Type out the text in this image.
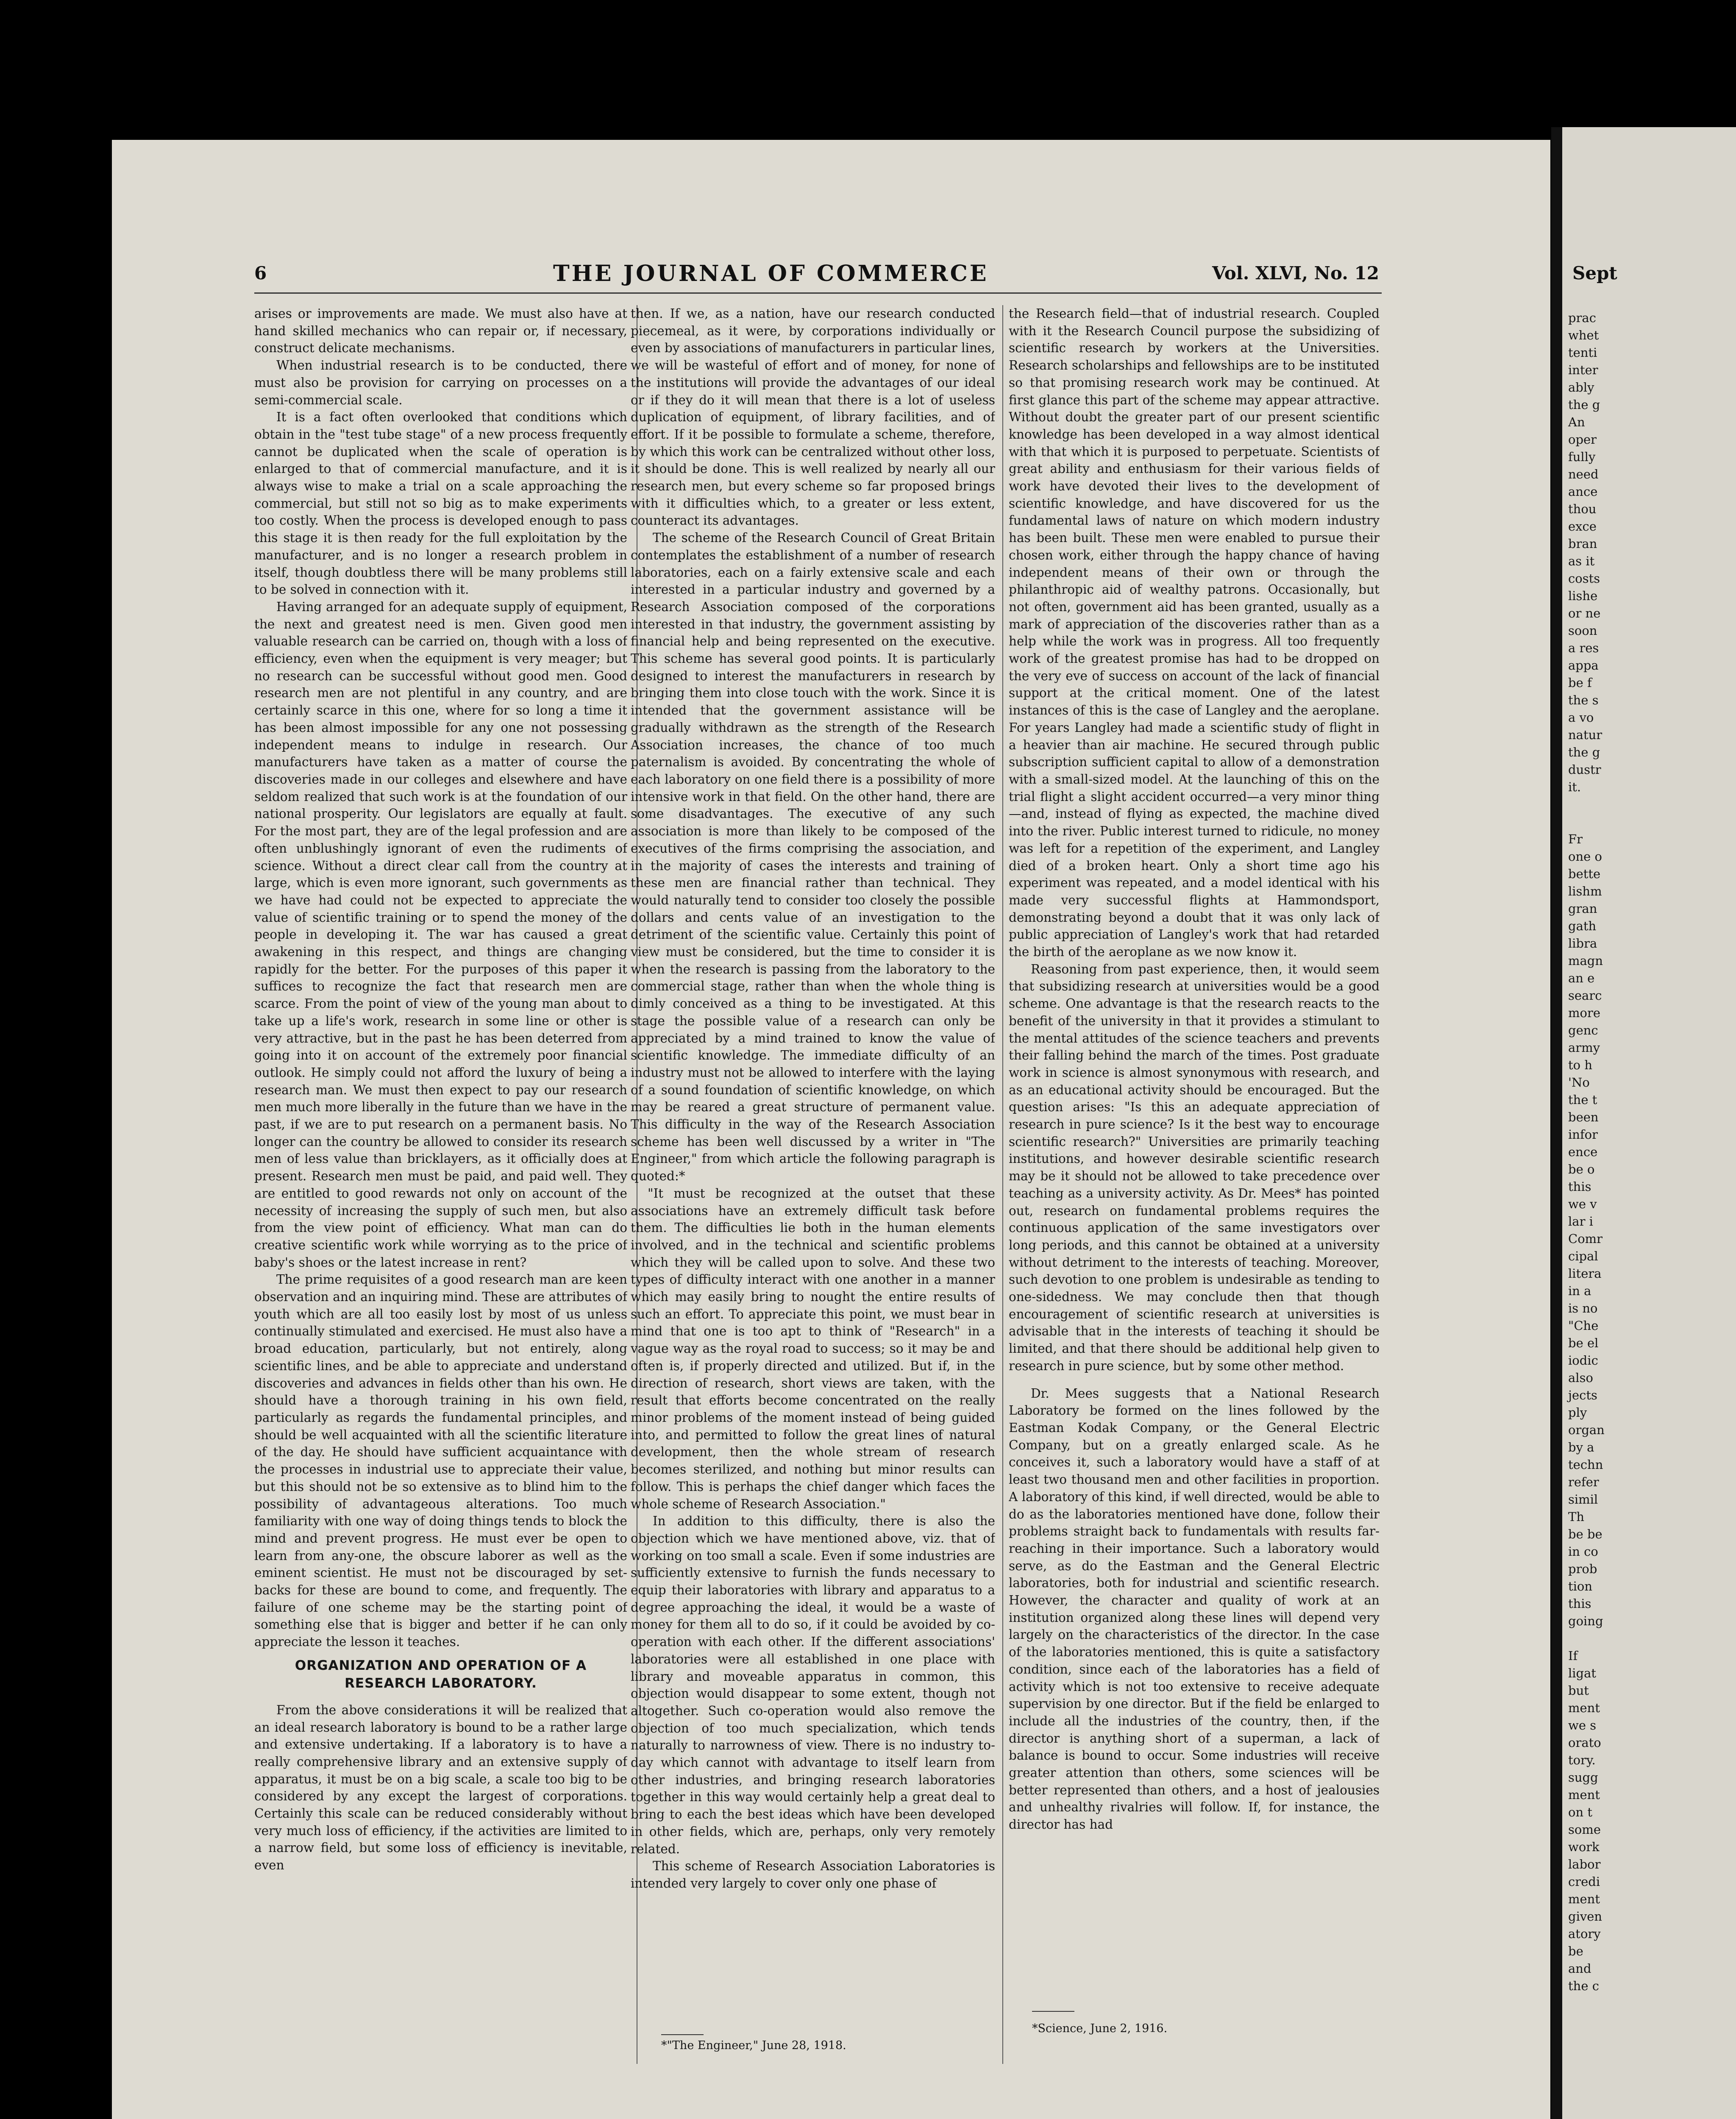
6	THE JOURNAL OF COMMERCE	Vol. XLVI, No. 12	Sept

arises or improvements are made. We must also have at hand skilled mechanics who can repair or, if necessary, construct delicate mechanisms.

When industrial research is to be conducted, there must also be provision for carrying on processes on a semi-commercial scale.

It is a fact often overlooked that conditions which obtain in the "test tube stage" of a new process frequently cannot be duplicated when the scale of operation is enlarged to that of commercial manufacture, and it is always wise to make a trial on a scale approaching the commercial, but still not so big as to make experiments too costly. When the process is developed enough to pass this stage it is then ready for the full exploitation by the manufacturer, and is no longer a research problem in itself, though doubtless there will be many problems still to be solved in connection with it.

Having arranged for an adequate supply of equipment, the next and greatest need is men. Given good men valuable research can be carried on, though with a loss of efficiency, even when the equipment is very meager; but no research can be successful without good men. Good research men are not plentiful in any country, and are certainly scarce in this one, where for so long a time it has been almost impossible for any one not possessing independent means to indulge in research. Our manufacturers have taken as a matter of course the discoveries made in our colleges and elsewhere and have seldom realized that such work is at the foundation of our national prosperity. Our legislators are equally at fault. For the most part, they are of the legal profession and are often unblushingly ignorant of even the rudiments of science. Without a direct clear call from the country at large, which is even more ignorant, such governments as we have had could not be expected to appreciate the value of scientific training or to spend the money of the people in developing it. The war has caused a great awakening in this respect, and things are changing rapidly for the better. For the purposes of this paper it suffices to recognize the fact that research men are scarce. From the point of view of the young man about to take up a life's work, research in some line or other is very attractive, but in the past he has been deterred from going into it on account of the extremely poor financial outlook. He simply could not afford the luxury of being a research man. We must then expect to pay our research men much more liberally in the future than we have in the past, if we are to put research on a permanent basis. No longer can the country be allowed to consider its research men of less value than bricklayers, as it officially does at present. Research men must be paid, and paid well. They are entitled to good rewards not only on account of the necessity of increasing the supply of such men, but also from the view point of efficiency. What man can do creative scientific work while worrying as to the price of baby's shoes or the latest increase in rent?

The prime requisites of a good research man are keen observation and an inquiring mind. These are attributes of youth which are all too easily lost by most of us unless continually stimulated and exercised. He must also have a broad education, particularly, but not entirely, along scientific lines, and be able to appreciate and understand discoveries and advances in fields other than his own. He should have a thorough training in his own field, particularly as regards the fundamental principles, and should be well acquainted with all the scientific literature of the day. He should have sufficient acquaintance with the processes in industrial use to appreciate their value, but this should not be so extensive as to blind him to the possibility of advantageous alterations. Too much familiarity with one way of doing things tends to block the mind and prevent progress. He must ever be open to learn from any-one, the obscure laborer as well as the eminent scientist. He must not be discouraged by set-backs for these are bound to come, and frequently. The failure of one scheme may be the starting point of something else that is bigger and better if he can only appreciate the lesson it teaches.

ORGANIZATION AND OPERATION OF A RESEARCH LABORATORY.

From the above considerations it will be realized that an ideal research laboratory is bound to be a rather large and extensive undertaking. If a laboratory is to have a really comprehensive library and an extensive supply of apparatus, it must be on a big scale, a scale too big to be considered by any except the largest of corporations. Certainly this scale can be reduced considerably without very much loss of efficiency, if the activities are limited to a narrow field, but some loss of efficiency is inevitable, even

then. If we, as a nation, have our research conducted piecemeal, as it were, by corporations individually or even by associations of manufacturers in particular lines, we will be wasteful of effort and of money, for none of the institutions will provide the advantages of our ideal or if they do it will mean that there is a lot of useless duplication of equipment, of library facilities, and of effort. If it be possible to formulate a scheme, therefore, by which this work can be centralized without other loss, it should be done. This is well realized by nearly all our research men, but every scheme so far proposed brings with it difficulties which, to a greater or less extent, counteract its advantages.

The scheme of the Research Council of Great Britain contemplates the establishment of a number of research laboratories, each on a fairly extensive scale and each interested in a particular industry and governed by a Research Association composed of the corporations interested in that industry, the government assisting by financial help and being represented on the executive. This scheme has several good points. It is particularly designed to interest the manufacturers in research by bringing them into close touch with the work. Since it is intended that the government assistance will be gradually withdrawn as the strength of the Research Association increases, the chance of too much paternalism is avoided. By concentrating the whole of each laboratory on one field there is a possibility of more intensive work in that field. On the other hand, there are some disadvantages. The executive of any such association is more than likely to be composed of the executives of the firms comprising the association, and in the majority of cases the interests and training of these men are financial rather than technical. They would naturally tend to consider too closely the possible dollars and cents value of an investigation to the detriment of the scientific value. Certainly this point of view must be considered, but the time to consider it is when the research is passing from the laboratory to the commercial stage, rather than when the whole thing is dimly conceived as a thing to be investigated. At this stage the possible value of a research can only be appreciated by a mind trained to know the value of scientific knowledge. The immediate difficulty of an industry must not be allowed to interfere with the laying of a sound foundation of scientific knowledge, on which may be reared a great structure of permanent value. This difficulty in the way of the Research Association scheme has been well discussed by a writer in "The Engineer," from which article the following paragraph is quoted:*

"It must be recognized at the outset that these associations have an extremely difficult task before them. The difficulties lie both in the human elements involved, and in the technical and scientific problems which they will be called upon to solve. And these two types of difficulty interact with one another in a manner which may easily bring to nought the entire results of such an effort. To appreciate this point, we must bear in mind that one is too apt to think of "Research" in a vague way as the royal road to success; so it may be and often is, if properly directed and utilized. But if, in the direction of research, short views are taken, with the result that efforts become concentrated on the really minor problems of the moment instead of being guided into, and permitted to follow the great lines of natural development, then the whole stream of research becomes sterilized, and nothing but minor results can follow. This is perhaps the chief danger which faces the whole scheme of Research Association."

In addition to this difficulty, there is also the objection which we have mentioned above, viz. that of working on too small a scale. Even if some industries are sufficiently extensive to furnish the funds necessary to equip their laboratories with library and apparatus to a degree approaching the ideal, it would be a waste of money for them all to do so, if it could be avoided by co-operation with each other. If the different associations' laboratories were all established in one place with library and moveable apparatus in common, this objection would disappear to some extent, though not altogether. Such co-operation would also remove the objection of too much specialization, which tends naturally to narrowness of view. There is no industry to-day which cannot with advantage to itself learn from other industries, and bringing research laboratories together in this way would certainly help a great deal to bring to each the best ideas which have been developed in other fields, which are, perhaps, only very remotely related.

This scheme of Research Association Laboratories is intended very largely to cover only one phase of

*"The Engineer," June 28, 1918.

the Research field—that of industrial research. Coupled with it the Research Council purpose the subsidizing of scientific research by workers at the Universities. Research scholarships and fellowships are to be instituted so that promising research work may be continued. At first glance this part of the scheme may appear attractive. Without doubt the greater part of our present scientific knowledge has been developed in a way almost identical with that which it is purposed to perpetuate. Scientists of great ability and enthusiasm for their various fields of work have devoted their lives to the development of scientific knowledge, and have discovered for us the fundamental laws of nature on which modern industry has been built. These men were enabled to pursue their chosen work, either through the happy chance of having independent means of their own or through the philanthropic aid of wealthy patrons. Occasionally, but not often, government aid has been granted, usually as a mark of appreciation of the discoveries rather than as a help while the work was in progress. All too frequently work of the greatest promise has had to be dropped on the very eve of success on account of the lack of financial support at the critical moment. One of the latest instances of this is the case of Langley and the aeroplane. For years Langley had made a scientific study of flight in a heavier than air machine. He secured through public subscription sufficient capital to allow of a demonstration with a small-sized model. At the launching of this on the trial flight a slight accident occurred—a very minor thing—and, instead of flying as expected, the machine dived into the river. Public interest turned to ridicule, no money was left for a repetition of the experiment, and Langley died of a broken heart. Only a short time ago his experiment was repeated, and a model identical with his made very successful flights at Hammondsport, demonstrating beyond a doubt that it was only lack of public appreciation of Langley's work that had retarded the birth of the aeroplane as we now know it.

Reasoning from past experience, then, it would seem that subsidizing research at universities would be a good scheme. One advantage is that the research reacts to the benefit of the university in that it provides a stimulant to the mental attitudes of the science teachers and prevents their falling behind the march of the times. Post graduate work in science is almost synonymous with research, and as an educational activity should be encouraged. But the question arises: "Is this an adequate appreciation of research in pure science? Is it the best way to encourage scientific research?" Universities are primarily teaching institutions, and however desirable scientific research may be it should not be allowed to take precedence over teaching as a university activity. As Dr. Mees* has pointed out, research on fundamental problems requires the continuous application of the same investigators over long periods, and this cannot be obtained at a university without detriment to the interests of teaching. Moreover, such devotion to one problem is undesirable as tending to one-sidedness. We may conclude then that though encouragement of scientific research at universities is advisable that in the interests of teaching it should be limited, and that there should be additional help given to research in pure science, but by some other method.

Dr. Mees suggests that a National Research Laboratory be formed on the lines followed by the Eastman Kodak Company, or the General Electric Company, but on a greatly enlarged scale. As he conceives it, such a laboratory would have a staff of at least two thousand men and other facilities in proportion. A laboratory of this kind, if well directed, would be able to do as the laboratories mentioned have done, follow their problems straight back to fundamentals with results far-reaching in their importance. Such a laboratory would serve, as do the Eastman and the General Electric laboratories, both for industrial and scientific research. However, the character and quality of work at an institution organized along these lines will depend very largely on the characteristics of the director. In the case of the laboratories mentioned, this is quite a satisfactory condition, since each of the laboratories has a field of activity which is not too extensive to receive adequate supervision by one director. But if the field be enlarged to include all the industries of the country, then, if the director is anything short of a superman, a lack of balance is bound to occur. Some industries will receive greater attention than others, some sciences will be better represented than others, and a host of jealousies and unhealthy rivalries will follow. If, for instance, the director has had

*Science, June 2, 1916.
prac
whet
tenti
inter
ably
the g
An
oper
fully
need
ance
thou
exce
bran
as it
costs
lishe
or ne
soon
a res
appa
be f
the s
a vo
natur
the g
dustr
it.
Fr
one o
bette
lishm
gran
gath
libra
magn
an e
searc
more
genc
army
to h
'No
the t
been
infor
ence
be o
this
we v
lar i
Comr
cipal
litera
in a
is no
"Che
be el
iodic
also
jects
ply
organ
by a
techn
refer
simil
Th
be be
in co
prob
tion
this
going
If
ligat
but
ment
we s
orato
tory.
sugg
ment
on t
some
work
labor
credi
ment
given
atory
be
and
the c
